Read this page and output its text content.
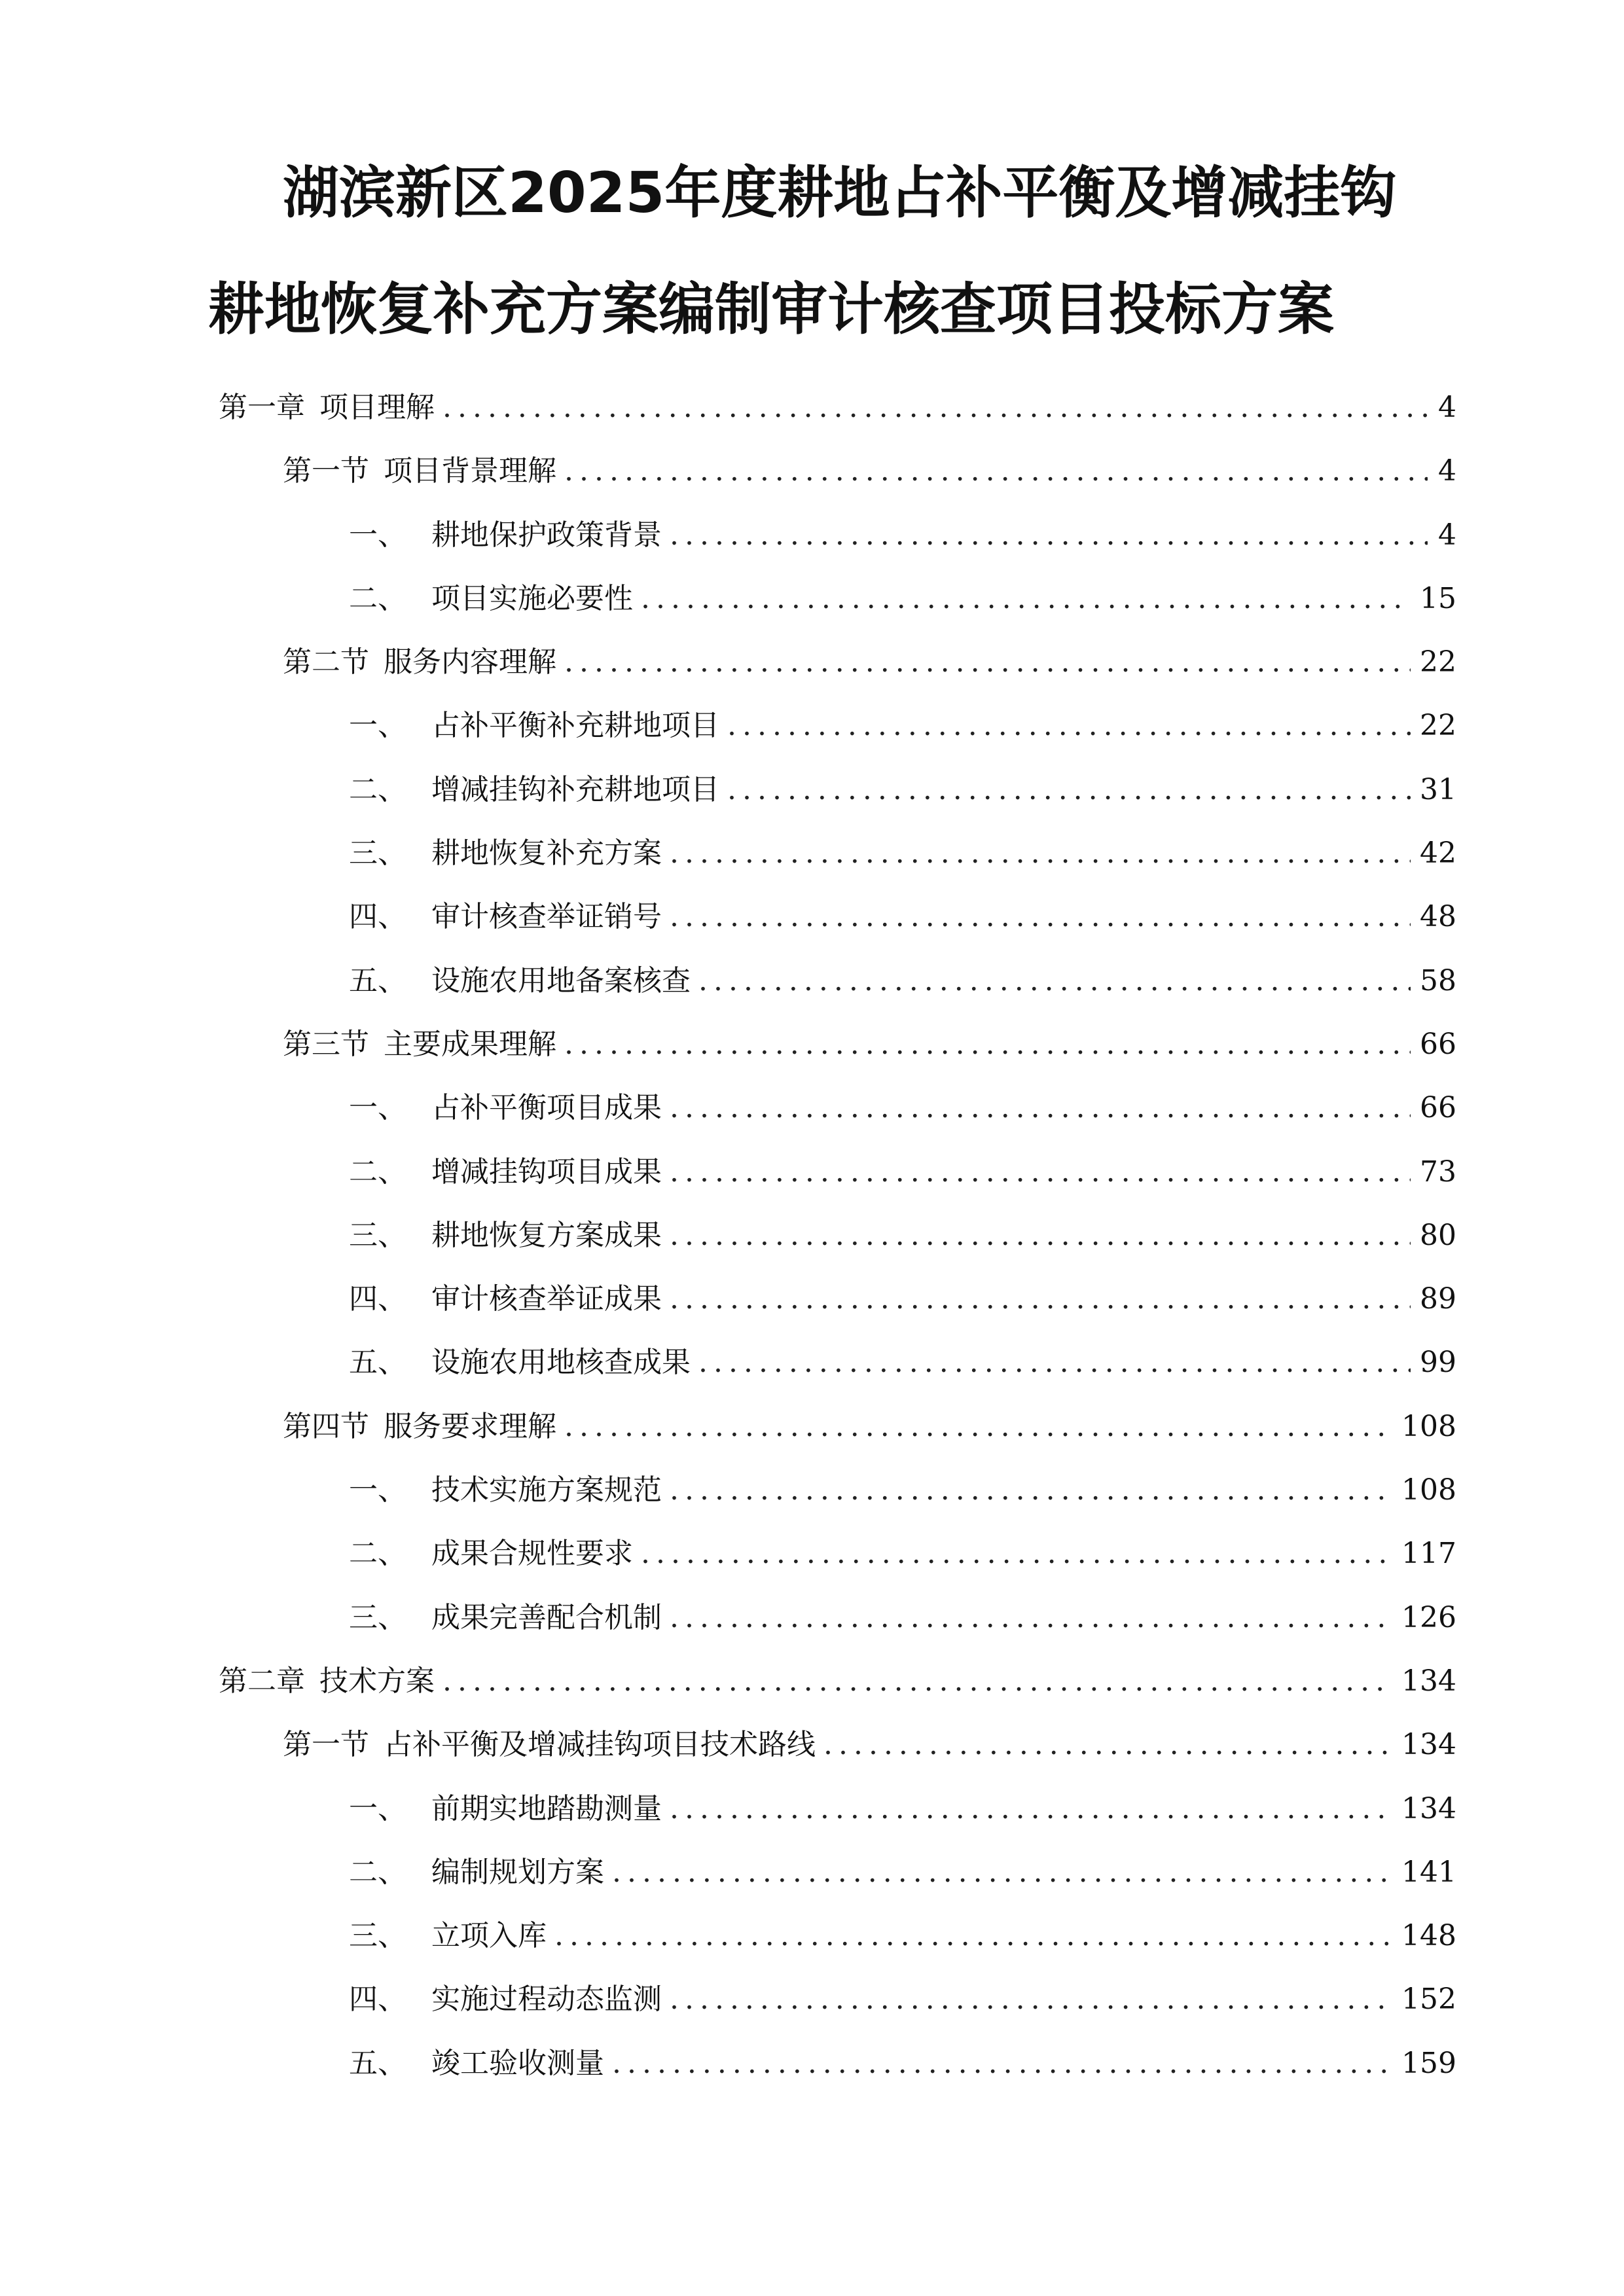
湖滨新区2025年度耕地占补平衡及增减挂钩
耕地恢复补充方案编制审计核查项目投标方案
第一章 项目理解 .....	4
第一节 项目背景理解 .....	4
一、 耕地保护政策背景 .....	4
二、 项目实施必要性 .....	15
第二节 服务内容理解 .....	22
一、 占补平衡补充耕地项目 .....	22
二、 增减挂钩补充耕地项目 .....	31
三、 耕地恢复补充方案 .....	42
四、 审计核查举证销号 .....	48
五、 设施农用地备案核查 .....	58
第三节 主要成果理解 .....	66
一、 占补平衡项目成果 .....	66
二、 增减挂钩项目成果 .....	73
三、 耕地恢复方案成果 .....	80
四、 审计核查举证成果 .....	89
五、 设施农用地核查成果 .....	99
第四节 服务要求理解 .....	108
一、 技术实施方案规范 .....	108
二、 成果合规性要求 .....	117
三、 成果完善配合机制 .....	126
第二章 技术方案 .....	134
第一节 占补平衡及增减挂钩项目技术路线 .....	134
一、 前期实地踏勘测量 .....	134
二、 编制规划方案 .....	141
三、 立项入库 .....	148
四、 实施过程动态监测 .....	152
五、 竣工验收测量 .....	159
